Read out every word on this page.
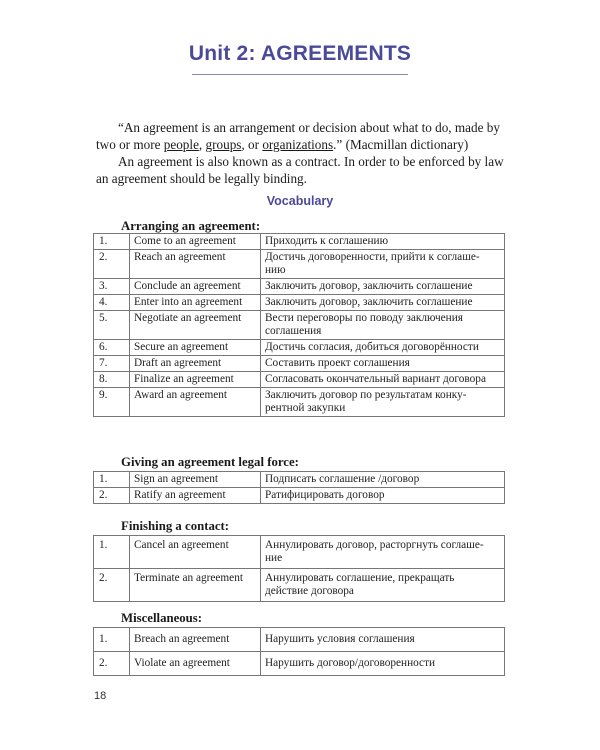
Unit 2: AGREEMENTS

“An agreement is an arrangement or decision about what to do, made by two or more people, groups, or organizations.” (Macmillan dictionary)

An agreement is also known as a contract. In order to be enforced by law an agreement should be legally binding.

Vocabulary
Arranging an agreement:
1.	Come to an agreement	Приходить к соглашению
2.	Reach an agreement	Достичь договоренности, прийти к соглаше-нию
3.	Conclude an agreement	Заключить договор, заключить соглашение
4.	Enter into an agreement	Заключить договор, заключить соглашение
5.	Negotiate an agreement	Вести переговоры по поводу заключения соглашения
6.	Secure an agreement	Достичь согласия, добиться договорённости
7.	Draft an agreement	Составить проект соглашения
8.	Finalize an agreement	Согласовать окончательный вариант договора
9.	Award an agreement	Заключить договор по результатам конку-рентной закупки
Giving an agreement legal force:
1.	Sign an agreement	Подписать соглашение /договор
2.	Ratify an agreement	Ратифицировать договор
Finishing a contact:
1.	Cancel an agreement	Аннулировать договор, расторгнуть соглаше-ние
2.	Terminate an agreement	Аннулировать соглашение, прекращать действие договора
Miscellaneous:
1.	Breach an agreement	Нарушить условия соглашения
2.	Violate an agreement	Нарушить договор/договоренности
18
